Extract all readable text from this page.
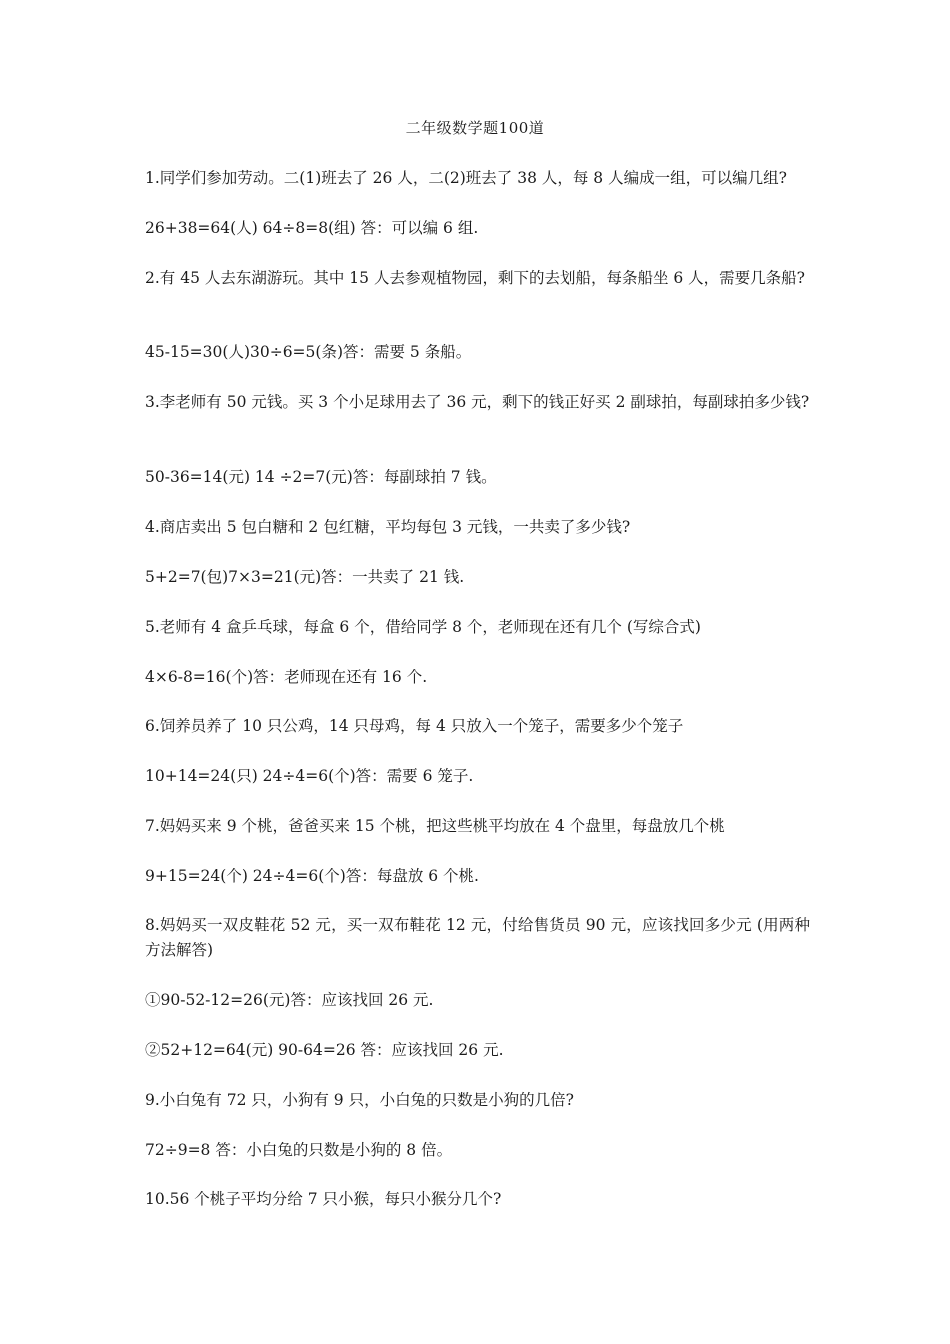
二年级数学题100道
1.同学们参加劳动。二(1)班去了 26 人，二(2)班去了 38 人，每 8 人编成一组，可以编几组?
26+38=64(人) 64÷8=8(组) 答：可以编 6 组.
2.有 45 人去东湖游玩。其中 15 人去参观植物园，剩下的去划船，每条船坐 6 人，需要几条船?
45-15=30(人)30÷6=5(条)答：需要 5 条船。
3.李老师有 50 元钱。买 3 个小足球用去了 36 元，剩下的钱正好买 2 副球拍，每副球拍多少钱?
50-36=14(元) 14 ÷2=7(元)答：每副球拍 7 钱。
4.商店卖出 5 包白糖和 2 包红糖，平均每包 3 元钱，一共卖了多少钱?
5+2=7(包)7×3=21(元)答：一共卖了 21 钱.
5.老师有 4 盒乒乓球，每盒 6 个，借给同学 8 个，老师现在还有几个 (写综合式)
4×6-8=16(个)答：老师现在还有 16 个.
6.饲养员养了 10 只公鸡，14 只母鸡，每 4 只放入一个笼子，需要多少个笼子
10+14=24(只) 24÷4=6(个)答：需要 6 笼子.
7.妈妈买来 9 个桃，爸爸买来 15 个桃，把这些桃平均放在 4 个盘里，每盘放几个桃
9+15=24(个) 24÷4=6(个)答：每盘放 6 个桃.
8.妈妈买一双皮鞋花 52 元，买一双布鞋花 12 元，付给售货员 90 元，应该找回多少元 (用两种方法解答)
①90-52-12=26(元)答：应该找回 26 元.
②52+12=64(元) 90-64=26 答：应该找回 26 元.
9.小白兔有 72 只，小狗有 9 只，小白兔的只数是小狗的几倍?
72÷9=8 答：小白兔的只数是小狗的 8 倍。
10.56 个桃子平均分给 7 只小猴，每只小猴分几个?
